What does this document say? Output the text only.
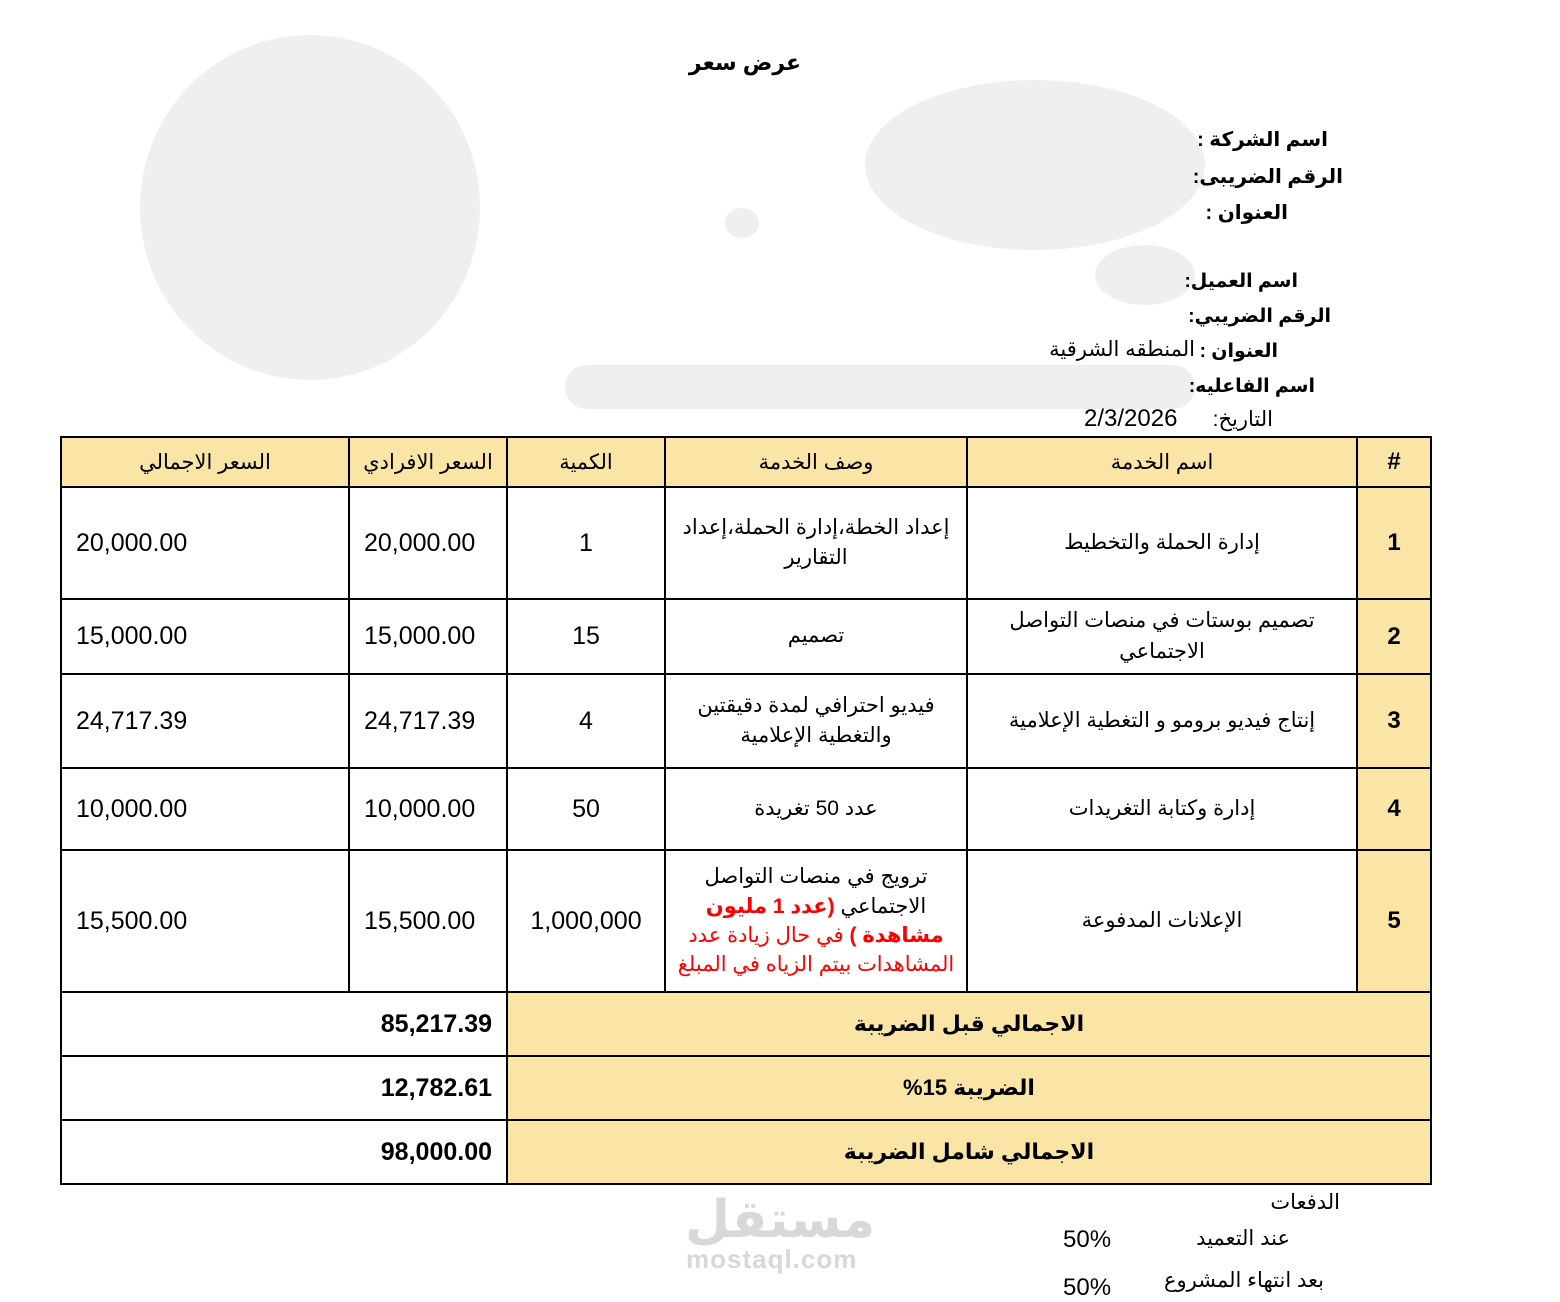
عرض سعر
اسم الشركة :
الرقم الضريبى:
العنوان :
اسم العميل:
الرقم الضريبي:
العنوان :
المنطقه الشرقية
اسم الفاعليه:
التاريخ:
2/3/2026
#	اسم الخدمة	وصف الخدمة	الكمية	السعر الافرادي	السعر الاجمالي
1	إدارة الحملة والتخطيط	إعداد الخطة،إدارة الحملة،إعداد التقارير	1	20,000.00	20,000.00
2	تصميم بوستات في منصات التواصل الاجتماعي	تصميم	15	15,000.00	15,000.00
3	إنتاج فيديو برومو و التغطية الإعلامية	فيديو احترافي لمدة دقيقتين والتغطية الإعلامية	4	24,717.39	24,717.39
4	إدارة وكتابة التغريدات	عدد 50 تغريدة	50	10,000.00	10,000.00
5	الإعلانات المدفوعة	ترويج في منصات التواصل الاجتماعي (عدد 1 مليون مشاهدة ) في حال زيادة عدد المشاهدات بيتم الزياه في المبلغ	1,000,000	15,500.00	15,500.00
الاجمالي قبل الضريبة				85,217.39	
الضريبة 15%				12,782.61	
الاجمالي شامل الضريبة				98,000.00	
مستقل
mostaql.com
الدفعات
عند التعميد
50%
بعد انتهاء المشروع
50%
